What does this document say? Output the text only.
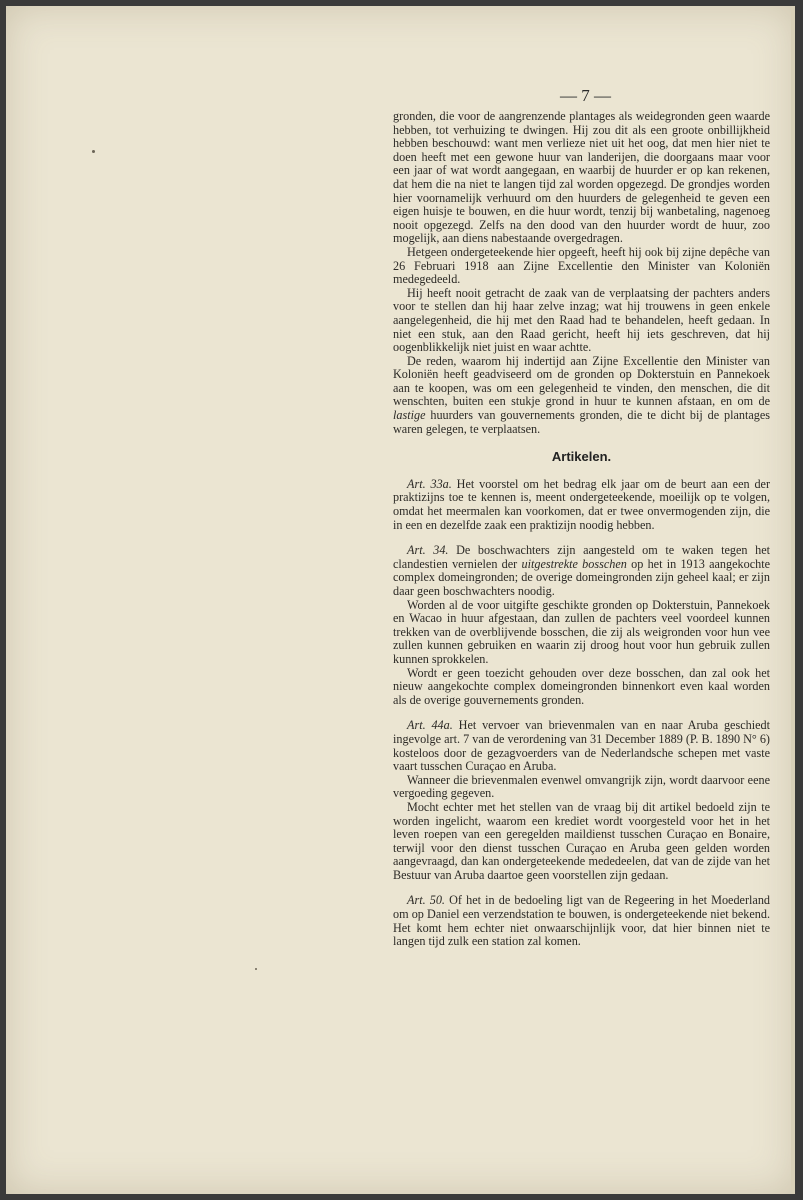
— 7 —

gronden, die voor de aangrenzende plantages als weidegronden geen waarde hebben, tot verhuizing te dwingen. Hij zou dit als een groote onbillijkheid hebben beschouwd: want men verlieze niet uit het oog, dat men hier niet te doen heeft met een gewone huur van landerijen, die doorgaans maar voor een jaar of wat wordt aangegaan, en waarbij de huurder er op kan rekenen, dat hem die na niet te langen tijd zal worden opgezegd. De grondjes worden hier voornamelijk verhuurd om den huurders de gelegenheid te geven een eigen huisje te bouwen, en die huur wordt, tenzij bij wanbetaling, nagenoeg nooit opgezegd. Zelfs na den dood van den huurder wordt de huur, zoo mogelijk, aan diens nabestaande overgedragen.

Hetgeen ondergeteekende hier opgeeft, heeft hij ook bij zijne depêche van 26 Februari 1918 aan Zijne Excellentie den Minister van Koloniën medegedeeld.

Hij heeft nooit getracht de zaak van de verplaatsing der pachters anders voor te stellen dan hij haar zelve inzag; wat hij trouwens in geen enkele aangelegenheid, die hij met den Raad had te behandelen, heeft gedaan. In niet een stuk, aan den Raad gericht, heeft hij iets geschreven, dat hij oogenblikkelijk niet juist en waar achtte.

De reden, waarom hij indertijd aan Zijne Excellentie den Minister van Koloniën heeft geadviseerd om de gronden op Dokterstuin en Pannekoek aan te koopen, was om een gelegenheid te vinden, den menschen, die dit wenschten, buiten een stukje grond in huur te kunnen afstaan, en om de lastige huurders van gouvernements gronden, die te dicht bij de plantages waren gelegen, te verplaatsen.

Artikelen.

Art. 33a. Het voorstel om het bedrag elk jaar om de beurt aan een der praktizijns toe te kennen is, meent ondergeteekende, moeilijk op te volgen, omdat het meermalen kan voorkomen, dat er twee onvermogenden zijn, die in een en dezelfde zaak een praktizijn noodig hebben.

Art. 34. De boschwachters zijn aangesteld om te waken tegen het clandestien vernielen der uitgestrekte bosschen op het in 1913 aangekochte complex domeingronden; de overige domeingronden zijn geheel kaal; er zijn daar geen boschwachters noodig.

Worden al de voor uitgifte geschikte gronden op Dokterstuin, Pannekoek en Wacao in huur afgestaan, dan zullen de pachters veel voordeel kunnen trekken van de overblijvende bosschen, die zij als weigronden voor hun vee zullen kunnen gebruiken en waarin zij droog hout voor hun gebruik zullen kunnen sprokkelen.

Wordt er geen toezicht gehouden over deze bosschen, dan zal ook het nieuw aangekochte complex domeingronden binnenkort even kaal worden als de overige gouvernements gronden.

Art. 44a. Het vervoer van brievenmalen van en naar Aruba geschiedt ingevolge art. 7 van de verordening van 31 December 1889 (P. B. 1890 N° 6) kosteloos door de gezagvoerders van de Nederlandsche schepen met vaste vaart tusschen Curaçao en Aruba.

Wanneer die brievenmalen evenwel omvangrijk zijn, wordt daarvoor eene vergoeding gegeven.

Mocht echter met het stellen van de vraag bij dit artikel bedoeld zijn te worden ingelicht, waarom een krediet wordt voorgesteld voor het in het leven roepen van een geregelden maildienst tusschen Curaçao en Bonaire, terwijl voor den dienst tusschen Curaçao en Aruba geen gelden worden aangevraagd, dan kan ondergeteekende mededeelen, dat van de zijde van het Bestuur van Aruba daartoe geen voorstellen zijn gedaan.

Art. 50. Of het in de bedoeling ligt van de Regeering in het Moederland om op Daniel een verzendstation te bouwen, is ondergeteekende niet bekend. Het komt hem echter niet onwaarschijnlijk voor, dat hier binnen niet te langen tijd zulk een station zal komen.
